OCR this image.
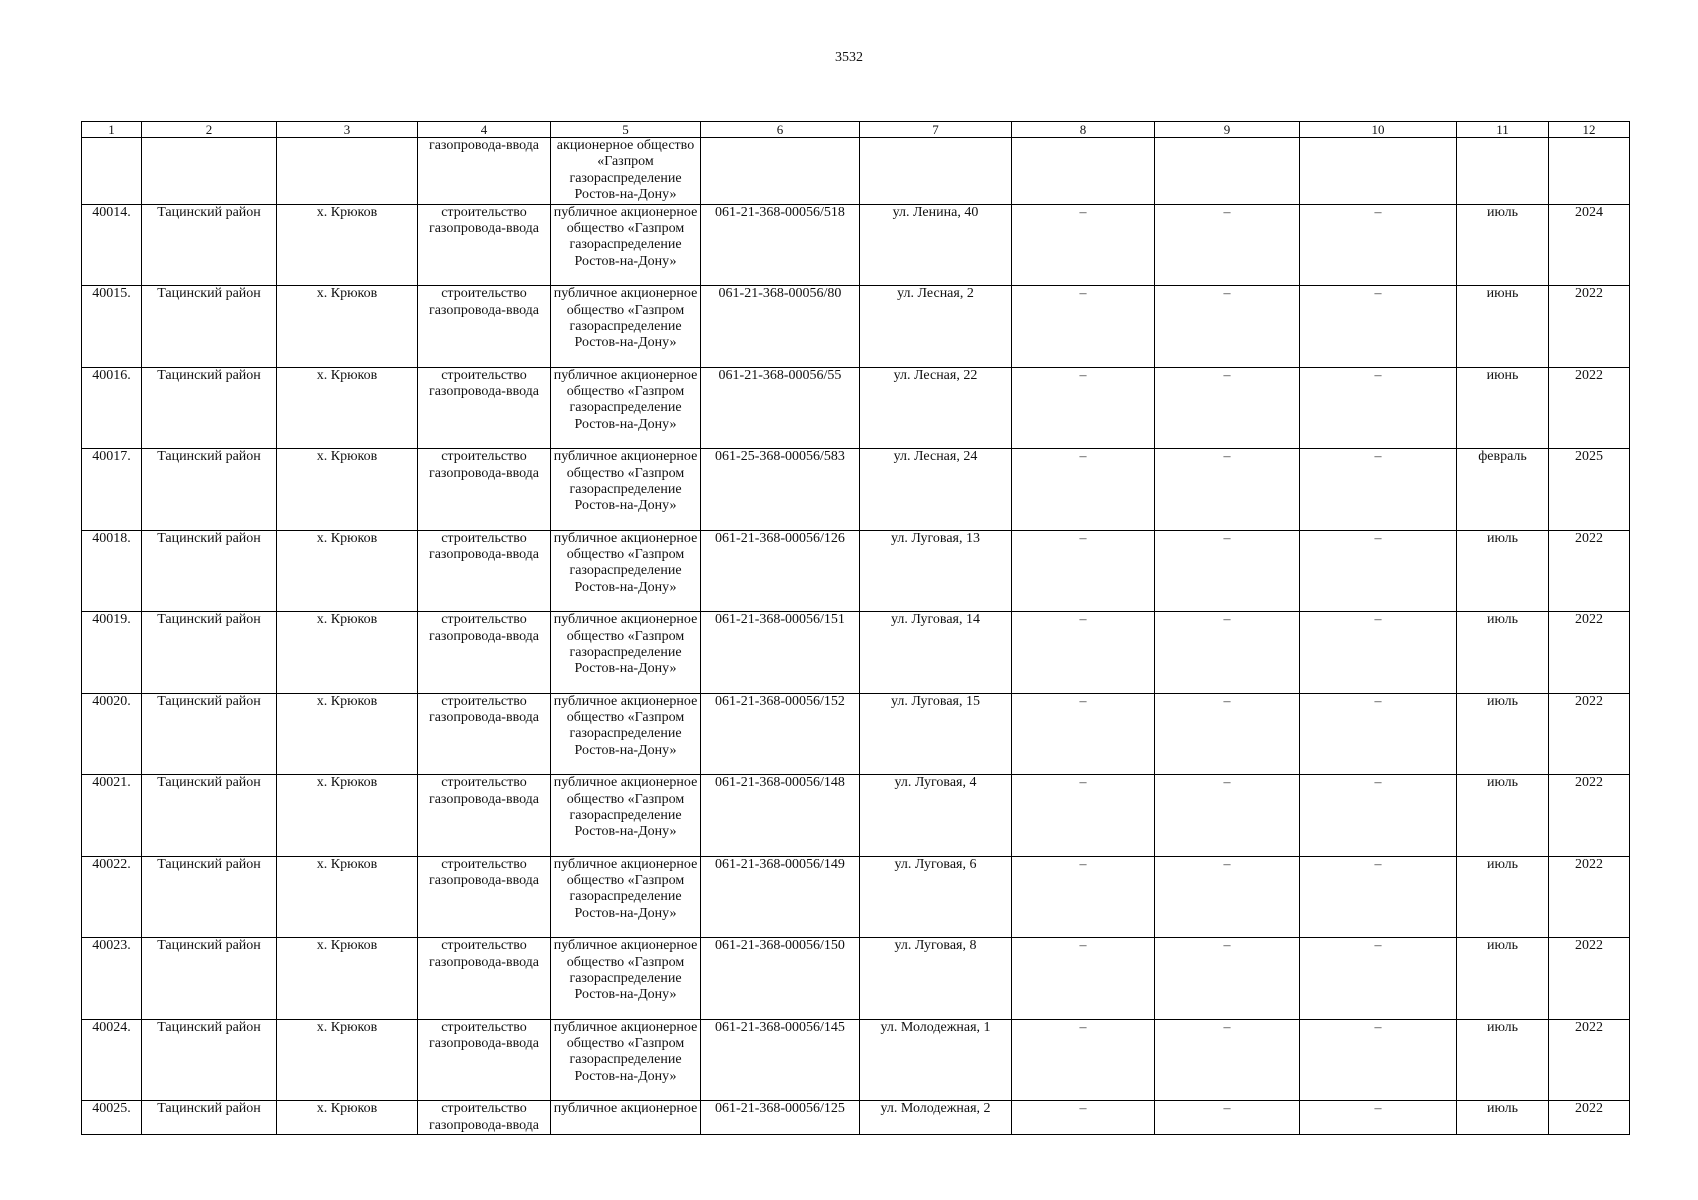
3532
1	2	3	4	5	6	7	8	9	10	11	12
			газопровода-ввода	акционерное общество «Газпром газораспределение Ростов-на-Дону»							
40014.	Тацинский район	х. Крюков	строительство газопровода-ввода	публичное акционерное общество «Газпром газораспределение Ростов-на-Дону»	061-21-368-00056/518	ул. Ленина, 40	–	–	–	июль	2024
40015.	Тацинский район	х. Крюков	строительство газопровода-ввода	публичное акционерное общество «Газпром газораспределение Ростов-на-Дону»	061-21-368-00056/80	ул. Лесная, 2	–	–	–	июнь	2022
40016.	Тацинский район	х. Крюков	строительство газопровода-ввода	публичное акционерное общество «Газпром газораспределение Ростов-на-Дону»	061-21-368-00056/55	ул. Лесная, 22	–	–	–	июнь	2022
40017.	Тацинский район	х. Крюков	строительство газопровода-ввода	публичное акционерное общество «Газпром газораспределение Ростов-на-Дону»	061-25-368-00056/583	ул. Лесная, 24	–	–	–	февраль	2025
40018.	Тацинский район	х. Крюков	строительство газопровода-ввода	публичное акционерное общество «Газпром газораспределение Ростов-на-Дону»	061-21-368-00056/126	ул. Луговая, 13	–	–	–	июль	2022
40019.	Тацинский район	х. Крюков	строительство газопровода-ввода	публичное акционерное общество «Газпром газораспределение Ростов-на-Дону»	061-21-368-00056/151	ул. Луговая, 14	–	–	–	июль	2022
40020.	Тацинский район	х. Крюков	строительство газопровода-ввода	публичное акционерное общество «Газпром газораспределение Ростов-на-Дону»	061-21-368-00056/152	ул. Луговая, 15	–	–	–	июль	2022
40021.	Тацинский район	х. Крюков	строительство газопровода-ввода	публичное акционерное общество «Газпром газораспределение Ростов-на-Дону»	061-21-368-00056/148	ул. Луговая, 4	–	–	–	июль	2022
40022.	Тацинский район	х. Крюков	строительство газопровода-ввода	публичное акционерное общество «Газпром газораспределение Ростов-на-Дону»	061-21-368-00056/149	ул. Луговая, 6	–	–	–	июль	2022
40023.	Тацинский район	х. Крюков	строительство газопровода-ввода	публичное акционерное общество «Газпром газораспределение Ростов-на-Дону»	061-21-368-00056/150	ул. Луговая, 8	–	–	–	июль	2022
40024.	Тацинский район	х. Крюков	строительство газопровода-ввода	публичное акционерное общество «Газпром газораспределение Ростов-на-Дону»	061-21-368-00056/145	ул. Молодежная, 1	–	–	–	июль	2022
40025.	Тацинский район	х. Крюков	строительство газопровода-ввода	публичное акционерное	061-21-368-00056/125	ул. Молодежная, 2	–	–	–	июль	2022
